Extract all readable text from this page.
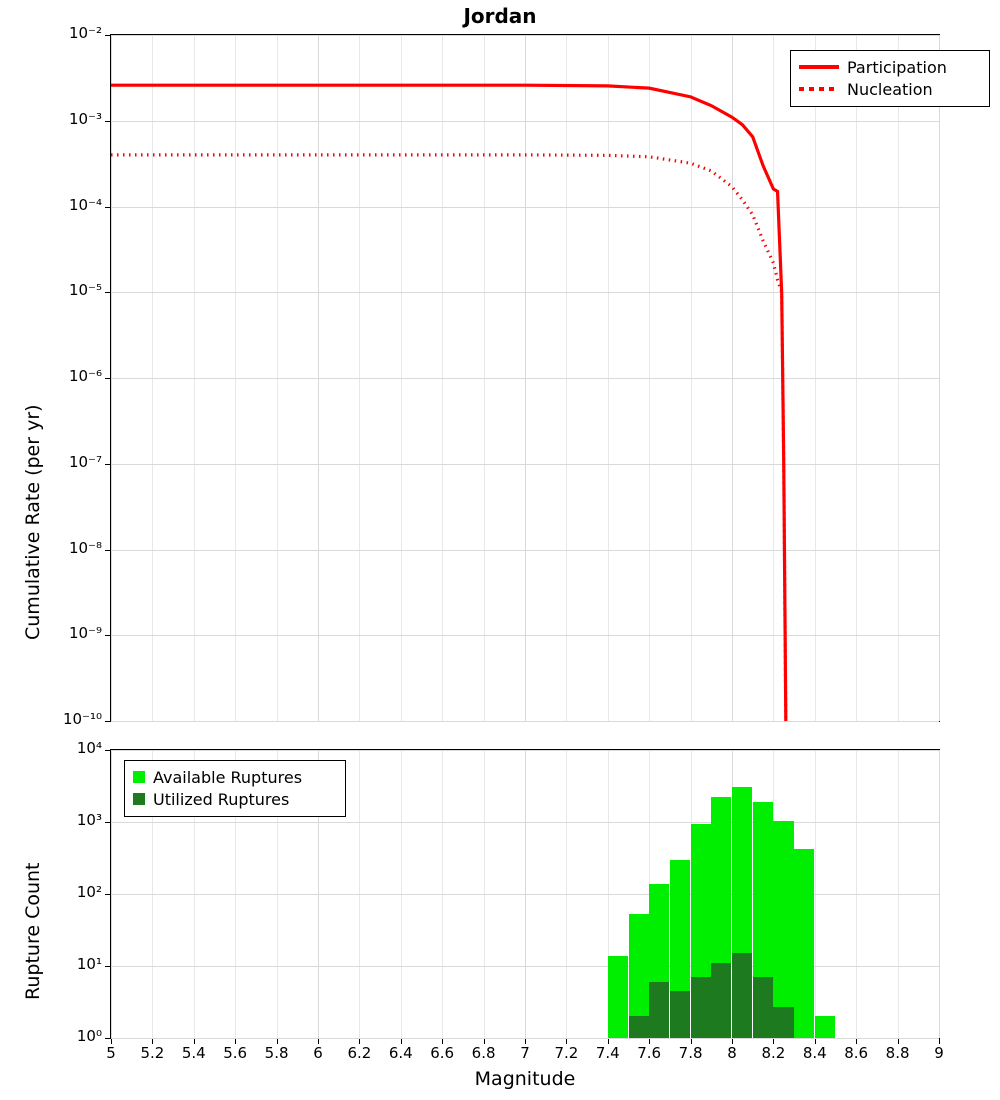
Jordan
10⁻²
10⁻³
10⁻⁴
10⁻⁵
10⁻⁶
10⁻⁷
10⁻⁸
10⁻⁹
10⁻¹⁰
Cumulative Rate (per yr)
Participation
Nucleation
10⁴
10³
10²
10¹
10⁰
5	5.2	5.4	5.6	5.8	6	6.2	6.4	6.6	6.8	7	7.2	7.4	7.6	7.8	8	8.2	8.4	8.6	8.8	9
Rupture Count
Magnitude
Available Ruptures
Utilized Ruptures
